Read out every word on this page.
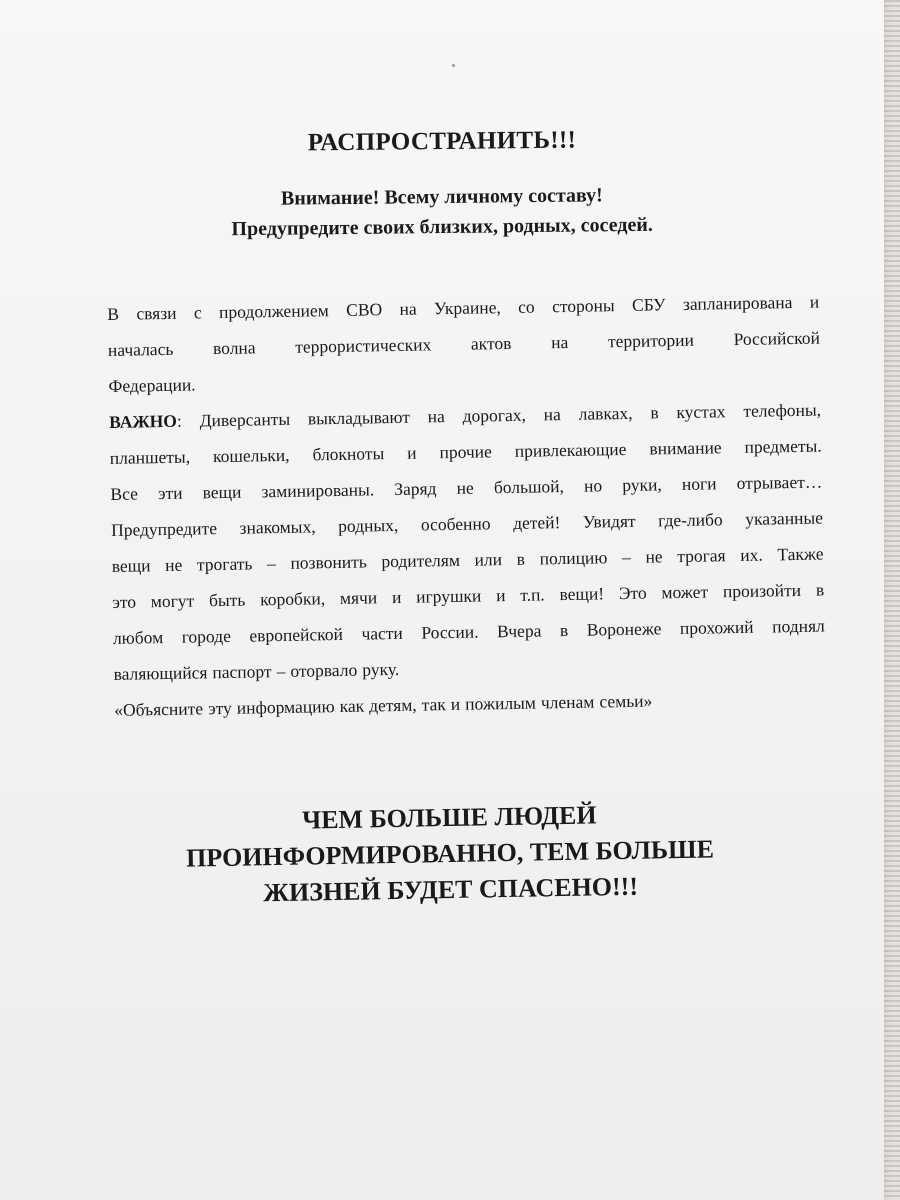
РАСПРОСТРАНИТЬ!!!
Внимание! Всему личному составу!
Предупредите своих близких, родных, соседей.
В связи с продолжением СВО на Украине, со стороны СБУ запланирована и
началась волна террористических актов на территории Российской
Федерации.
ВАЖНО : Диверсанты выкладывают на дорогах, на лавках, в кустах телефоны,
планшеты, кошельки, блокноты и прочие привлекающие внимание предметы.
Все эти вещи заминированы. Заряд не большой, но руки, ноги отрывает…
Предупредите знакомых, родных, особенно детей! Увидят где-либо указанные
вещи не трогать – позвонить родителям или в полицию – не трогая их. Также
это могут быть коробки, мячи и игрушки и т.п. вещи! Это может произойти в
любом городе европейской части России. Вчера в Воронеже прохожий поднял
валяющийся паспорт – оторвало руку.
«Объясните эту информацию как детям, так и пожилым членам семьи»
ЧЕМ БОЛЬШЕ ЛЮДЕЙ
ПРОИНФОРМИРОВАННО, ТЕМ БОЛЬШЕ
ЖИЗНЕЙ БУДЕТ СПАСЕНО!!!
